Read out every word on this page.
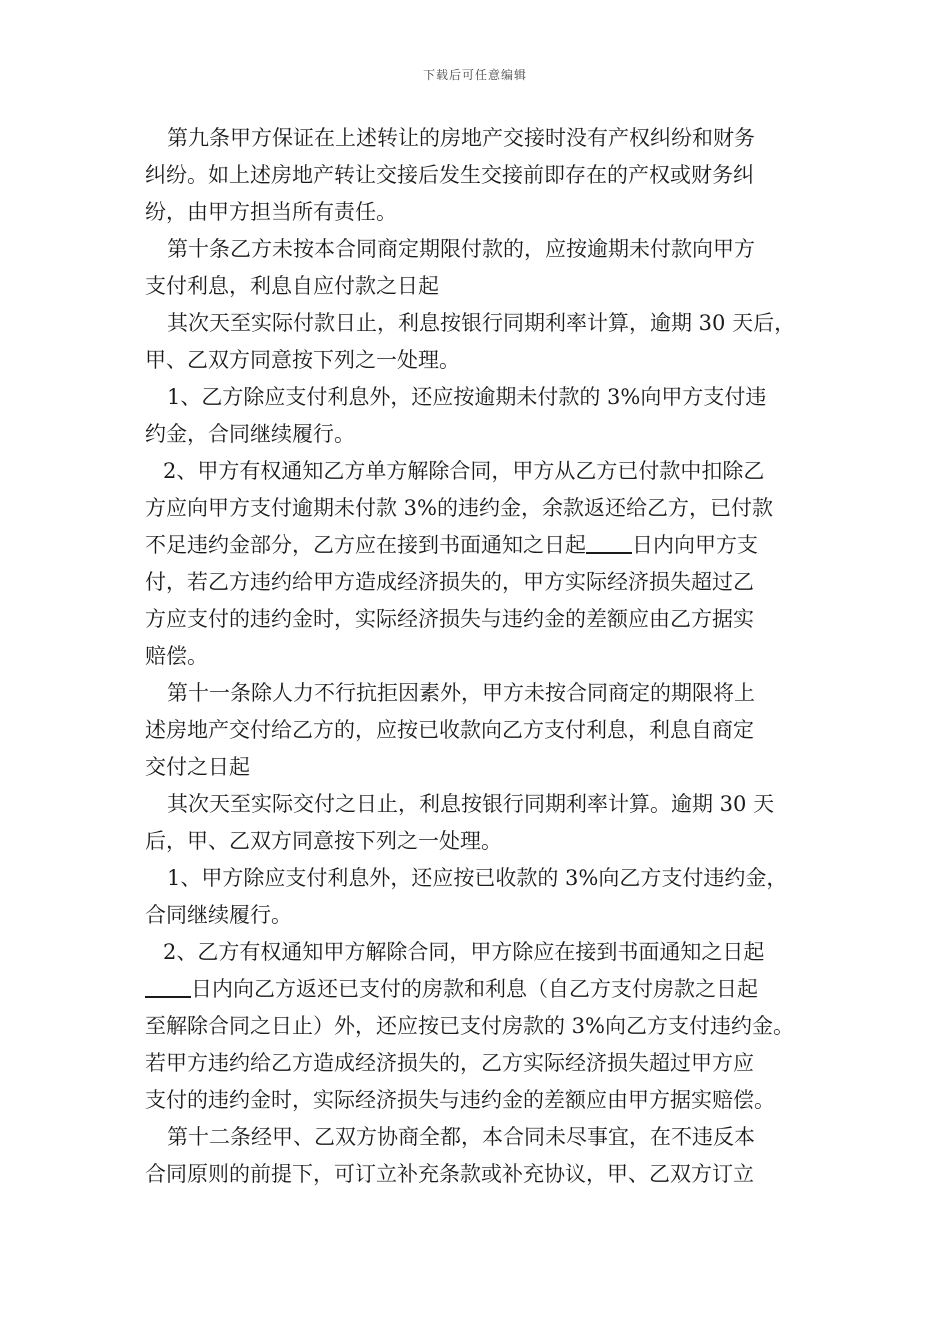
下载后可任意编辑
第九条甲方保证在上述转让的房地产交接时没有产权纠纷和财务
纠纷。如上述房地产转让交接后发生交接前即存在的产权或财务纠
纷，由甲方担当所有责任。
第十条乙方未按本合同商定期限付款的，应按逾期未付款向甲方
支付利息，利息自应付款之日起
其次天至实际付款日止，利息按银行同期利率计算，逾期 30 天后，
甲、乙双方同意按下列之一处理。
1、乙方除应支付利息外，还应按逾期未付款的 3%向甲方支付违
约金，合同继续履行。
2、甲方有权通知乙方单方解除合同，甲方从乙方已付款中扣除乙
方应向甲方支付逾期未付款 3%的违约金，余款返还给乙方，已付款
不足违约金部分，乙方应在接到书面通知之日起 日内向甲方支
付，若乙方违约给甲方造成经济损失的，甲方实际经济损失超过乙
方应支付的违约金时，实际经济损失与违约金的差额应由乙方据实
赔偿。
第十一条除人力不行抗拒因素外，甲方未按合同商定的期限将上
述房地产交付给乙方的，应按已收款向乙方支付利息，利息自商定
交付之日起
其次天至实际交付之日止，利息按银行同期利率计算。逾期 30 天
后，甲、乙双方同意按下列之一处理。
1、甲方除应支付利息外，还应按已收款的 3%向乙方支付违约金，
合同继续履行。
2、乙方有权通知甲方解除合同，甲方除应在接到书面通知之日起
日内向乙方返还已支付的房款和利息（自乙方支付房款之日起
至解除合同之日止）外，还应按已支付房款的 3%向乙方支付违约金。
若甲方违约给乙方造成经济损失的，乙方实际经济损失超过甲方应
支付的违约金时，实际经济损失与违约金的差额应由甲方据实赔偿。
第十二条经甲、乙双方协商全都，本合同未尽事宜，在不违反本
合同原则的前提下，可订立补充条款或补充协议，甲、乙双方订立
